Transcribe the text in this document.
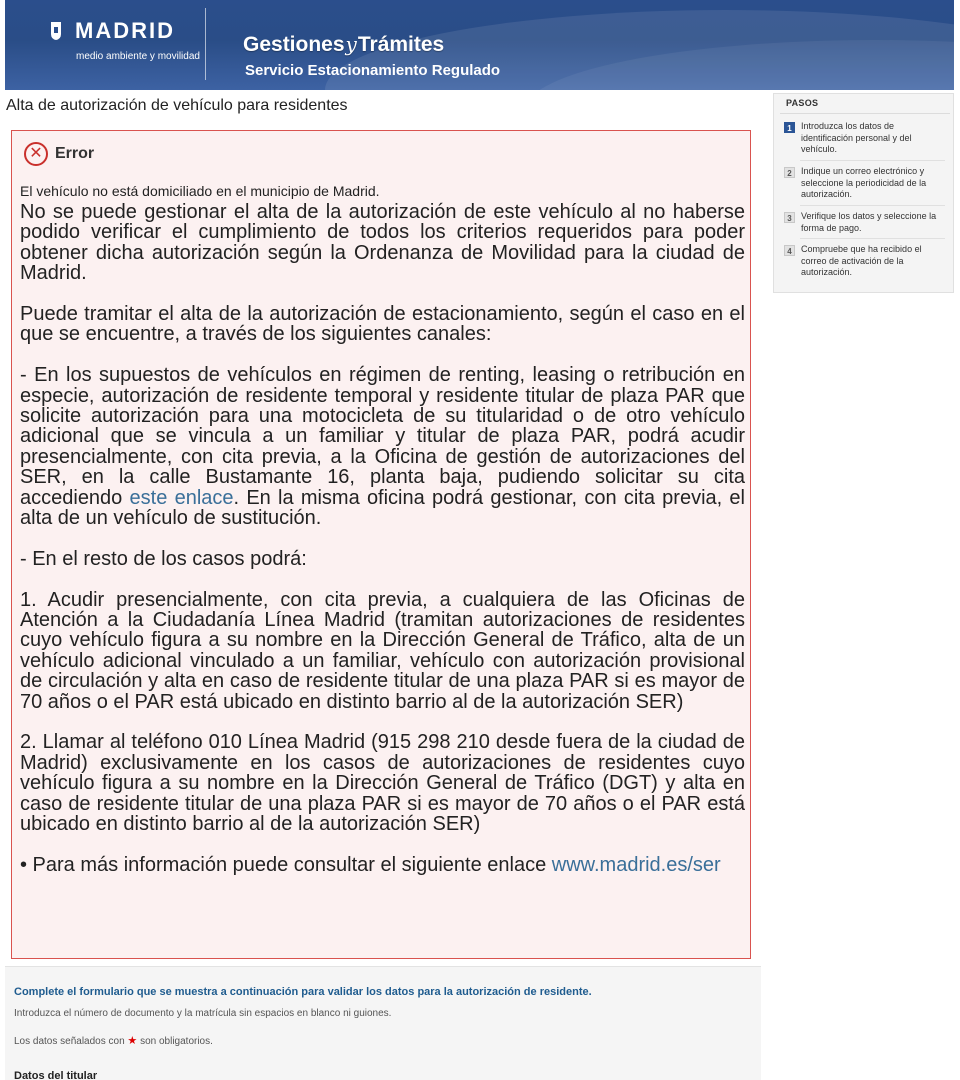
MADRID
medio ambiente y movilidad
GestionesyTrámites
Servicio Estacionamiento Regulado
Alta de autorización de vehículo para residentes
✕ Error
El vehículo no está domiciliado en el municipio de Madrid.

No se puede gestionar el alta de la autorización de este vehículo al no haberse podido verificar el cumplimiento de todos los criterios requeridos para poder obtener dicha autorización según la Ordenanza de Movilidad para la ciudad de Madrid.

Puede tramitar el alta de la autorización de estacionamiento, según el caso en el que se encuentre, a través de los siguientes canales:

- En los supuestos de vehículos en régimen de renting, leasing o retribución en especie, autorización de residente temporal y residente titular de plaza PAR que solicite autorización para una motocicleta de su titularidad o de otro vehículo adicional que se vincula a un familiar y titular de plaza PAR, podrá acudir presencialmente, con cita previa, a la Oficina de gestión de autorizaciones del SER, en la calle Bustamante 16, planta baja, pudiendo solicitar su cita accediendo este enlace. En la misma oficina podrá gestionar, con cita previa, el alta de un vehículo de sustitución.

- En el resto de los casos podrá:

1. Acudir presencialmente, con cita previa, a cualquiera de las Oficinas de Atención a la Ciudadanía Línea Madrid (tramitan autorizaciones de residentes cuyo vehículo figura a su nombre en la Dirección General de Tráfico, alta de un vehículo adicional vinculado a un familiar, vehículo con autorización provisional de circulación y alta en caso de residente titular de una plaza PAR si es mayor de 70 años o el PAR está ubicado en distinto barrio al de la autorización SER)

2. Llamar al teléfono 010 Línea Madrid (915 298 210 desde fuera de la ciudad de Madrid) exclusivamente en los casos de autorizaciones de residentes cuyo vehículo figura a su nombre en la Dirección General de Tráfico (DGT) y alta en caso de residente titular de una plaza PAR si es mayor de 70 años o el PAR está ubicado en distinto barrio al de la autorización SER)

• Para más información puede consultar el siguiente enlace www.madrid.es/ser

Complete el formulario que se muestra a continuación para validar los datos para la autorización de residente.
Introduzca el número de documento y la matrícula sin espacios en blanco ni guiones.
Los datos señalados con ★ son obligatorios.
Datos del titular
PASOS
1	Introduzca los datos de identificación personal y del vehículo.
2	Indique un correo electrónico y seleccione la periodicidad de la autorización.
3	Verifique los datos y seleccione la forma de pago.
4	Compruebe que ha recibido el correo de activación de la autorización.
